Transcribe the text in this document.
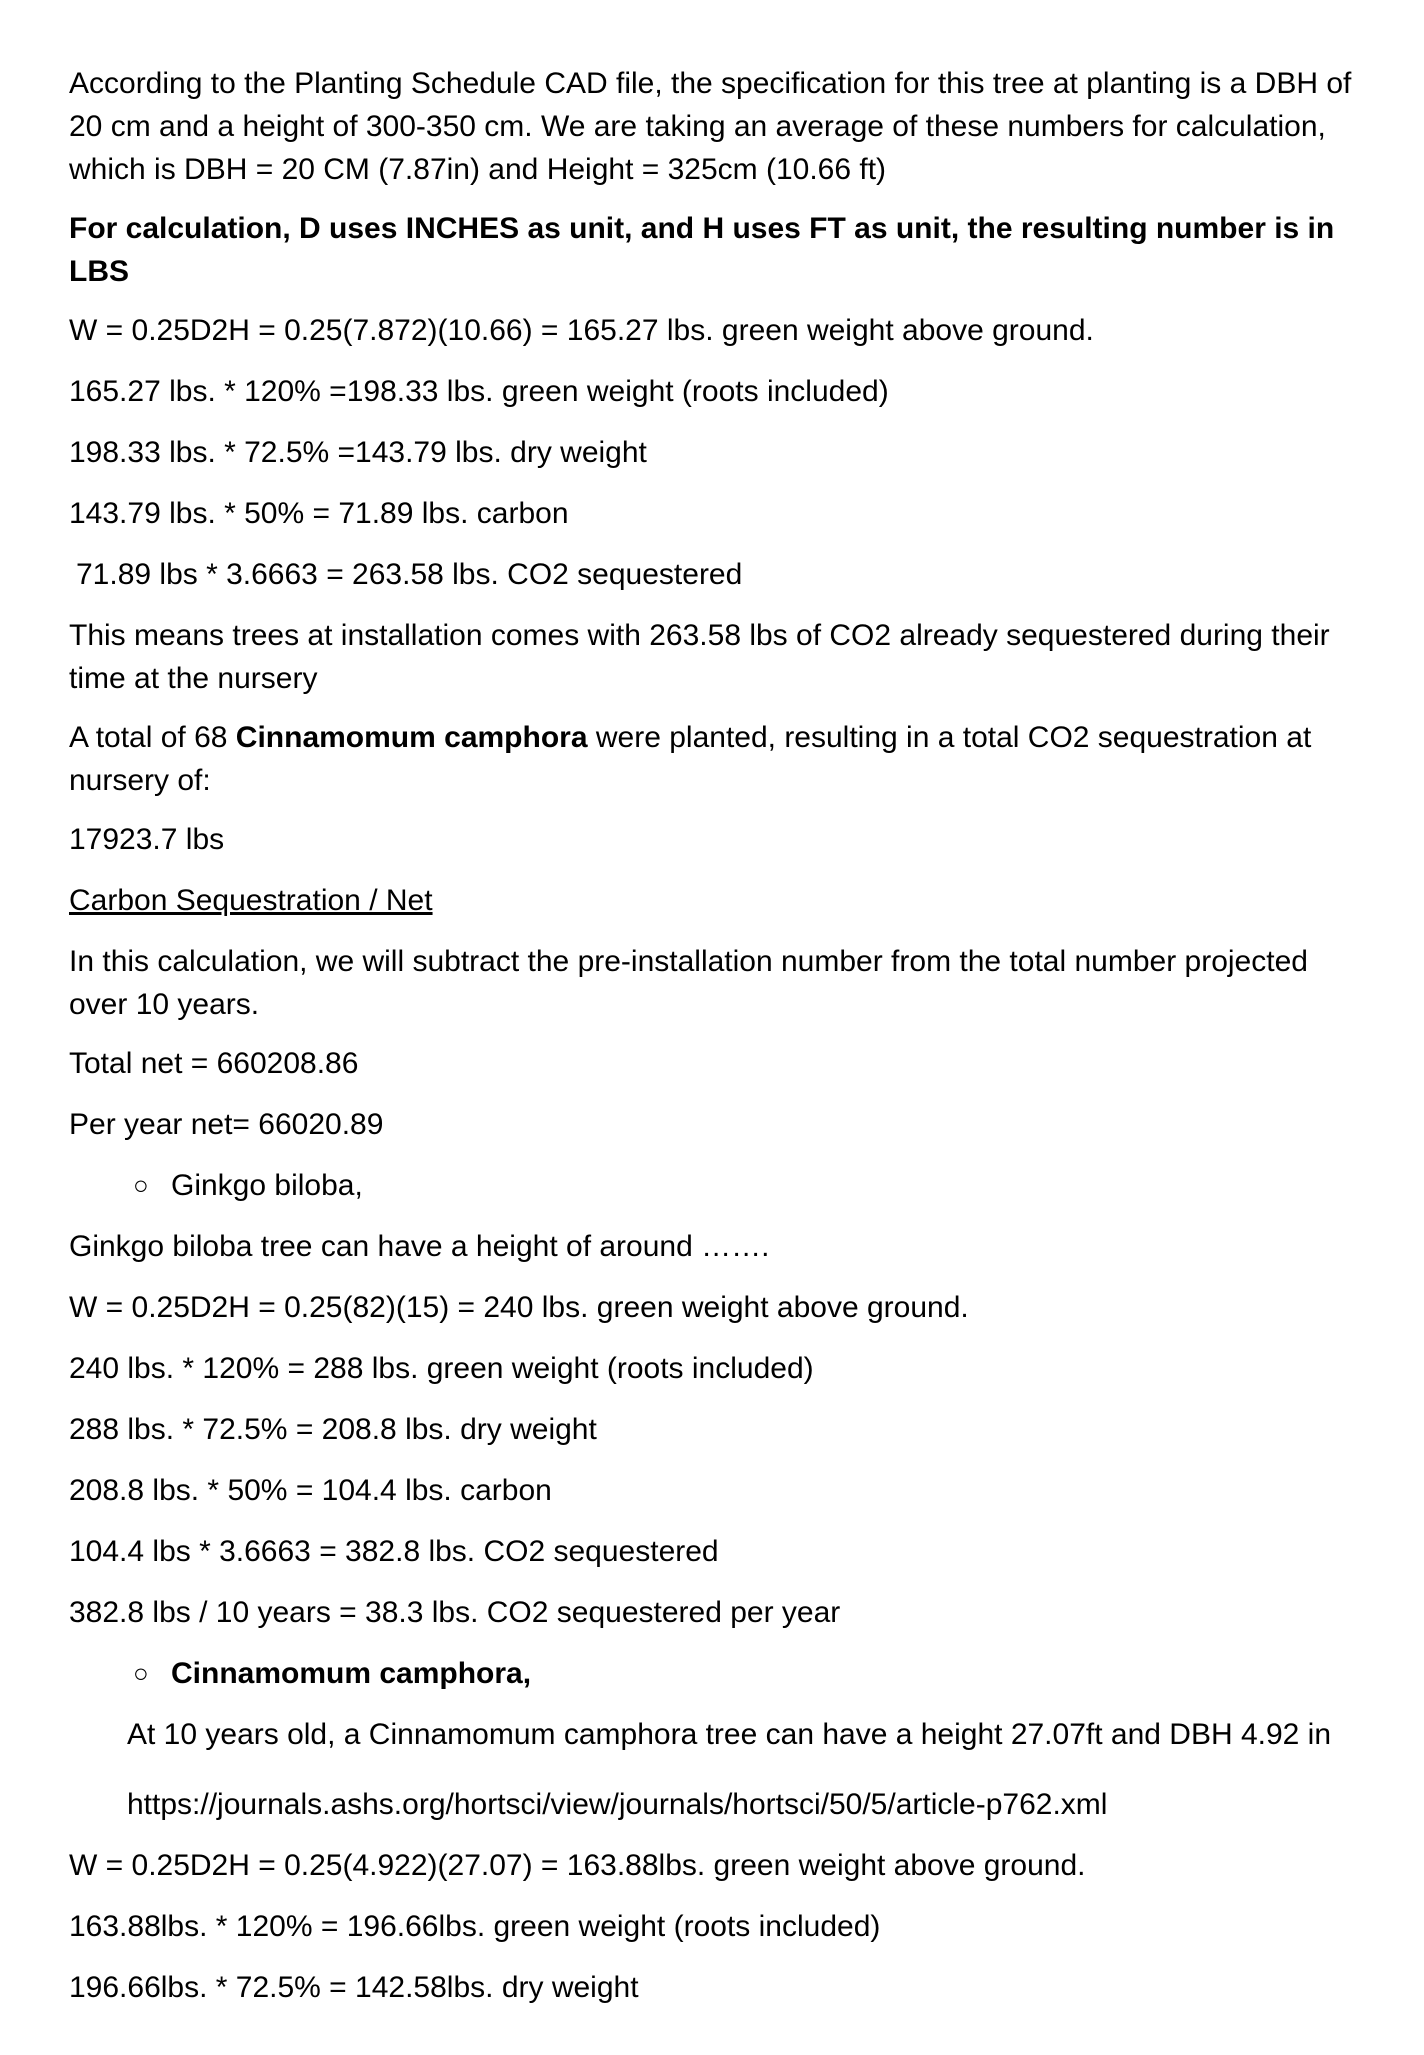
According to the Planting Schedule CAD file, the specification for this tree at planting is a DBH of 20 cm and a height of 300-350 cm. We are taking an average of these numbers for calculation, which is DBH = 20 CM (7.87in) and Height = 325cm (10.66 ft)

For calculation, D uses INCHES as unit, and H uses FT as unit, the resulting number is in LBS

W = 0.25D2H = 0.25(7.872)(10.66) = 165.27 lbs. green weight above ground.

165.27 lbs. * 120% =198.33 lbs. green weight (roots included)

198.33 lbs. * 72.5% =143.79 lbs. dry weight

143.79 lbs. * 50% = 71.89 lbs. carbon

71.89 lbs * 3.6663 = 263.58 lbs. CO2 sequestered

This means trees at installation comes with 263.58 lbs of CO2 already sequestered during their time at the nursery

A total of 68 Cinnamomum camphora were planted, resulting in a total CO2 sequestration at nursery of:

17923.7 lbs

Carbon Sequestration / Net

In this calculation, we will subtract the pre-installation number from the total number projected over 10 years.

Total net = 660208.86

Per year net= 66020.89

○ Ginkgo biloba,

Ginkgo biloba tree can have a height of around …….

W = 0.25D2H = 0.25(82)(15) = 240 lbs. green weight above ground.

240 lbs. * 120% = 288 lbs. green weight (roots included)

288 lbs. * 72.5% = 208.8 lbs. dry weight

208.8 lbs. * 50% = 104.4 lbs. carbon

104.4 lbs * 3.6663 = 382.8 lbs. CO2 sequestered

382.8 lbs / 10 years = 38.3 lbs. CO2 sequestered per year

○ Cinnamomum camphora,

At 10 years old, a Cinnamomum camphora tree can have a height 27.07ft and DBH 4.92 in

https://journals.ashs.org/hortsci/view/journals/hortsci/50/5/article-p762.xml

W = 0.25D2H = 0.25(4.922)(27.07) = 163.88lbs. green weight above ground.

163.88lbs. * 120% = 196.66lbs. green weight (roots included)

196.66lbs. * 72.5% = 142.58lbs. dry weight
